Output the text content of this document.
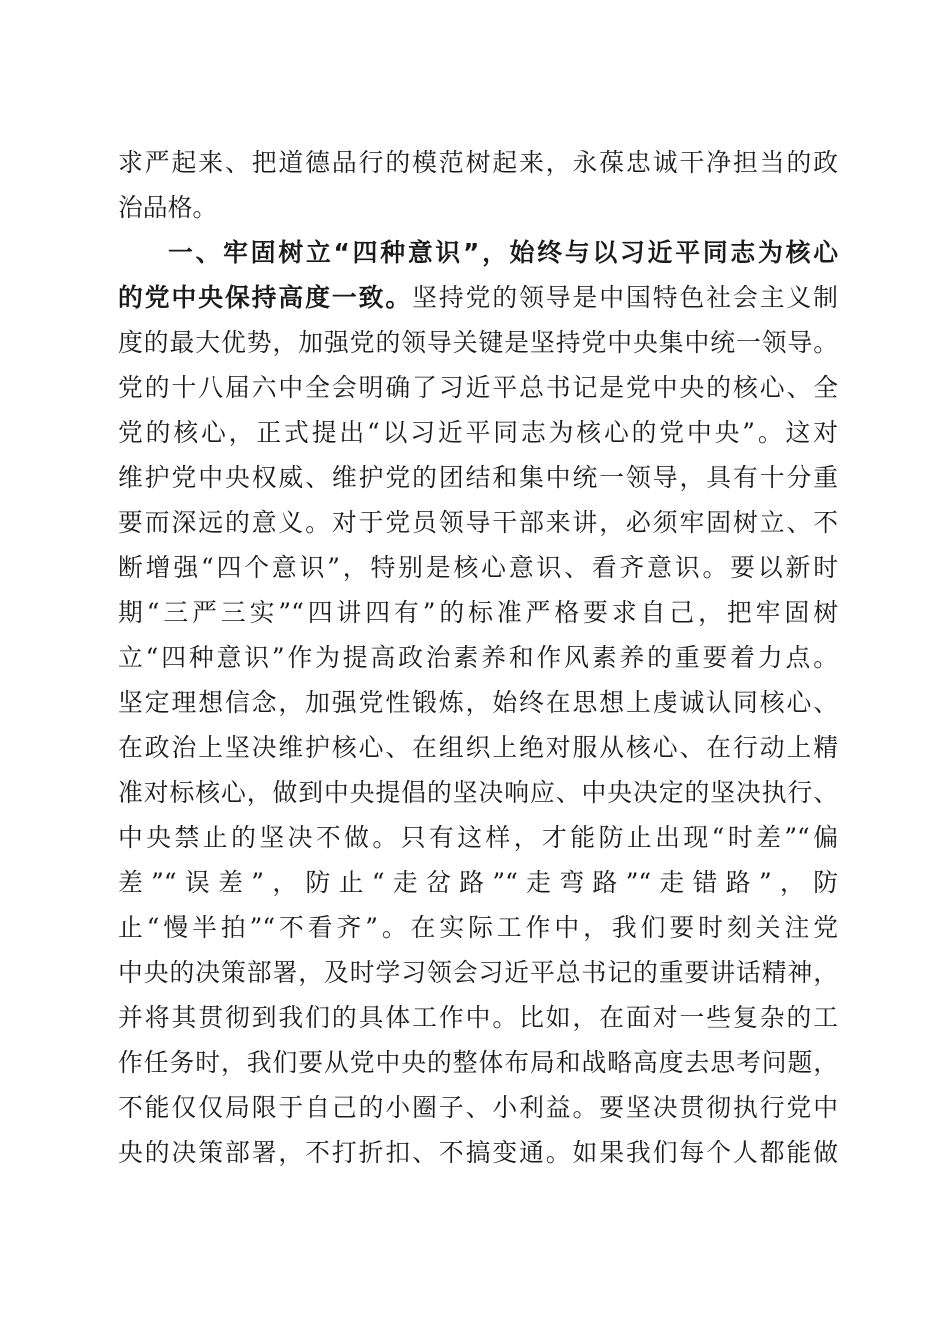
求严起来、把道德品行的模范树起来，永葆忠诚干净担当的政
治品格。
一、牢固树立“四种意识”，始终与以习近平同志为核心
的党中央保持高度一致。坚持党的领导是中国特色社会主义制
度的最大优势，加强党的领导关键是坚持党中央集中统一领导。
党的十八届六中全会明确了习近平总书记是党中央的核心、全
党的核心，正式提出“以习近平同志为核心的党中央”。这对
维护党中央权威、维护党的团结和集中统一领导，具有十分重
要而深远的意义。对于党员领导干部来讲，必须牢固树立、不
断增强“四个意识”，特别是核心意识、看齐意识。要以新时
期“三严三实”“四讲四有”的标准严格要求自己，把牢固树
立“四种意识”作为提高政治素养和作风素养的重要着力点。
坚定理想信念，加强党性锻炼，始终在思想上虔诚认同核心、
在政治上坚决维护核心、在组织上绝对服从核心、在行动上精
准对标核心，做到中央提倡的坚决响应、中央决定的坚决执行、
中央禁止的坚决不做。只有这样，才能防止出现“时差”“偏
差”“误差”，防止“走岔路”“走弯路”“走错路”，防
止“慢半拍”“不看齐”。在实际工作中，我们要时刻关注党
中央的决策部署，及时学习领会习近平总书记的重要讲话精神，
并将其贯彻到我们的具体工作中。比如，在面对一些复杂的工
作任务时，我们要从党中央的整体布局和战略高度去思考问题，
不能仅仅局限于自己的小圈子、小利益。要坚决贯彻执行党中
央的决策部署，不打折扣、不搞变通。如果我们每个人都能做
